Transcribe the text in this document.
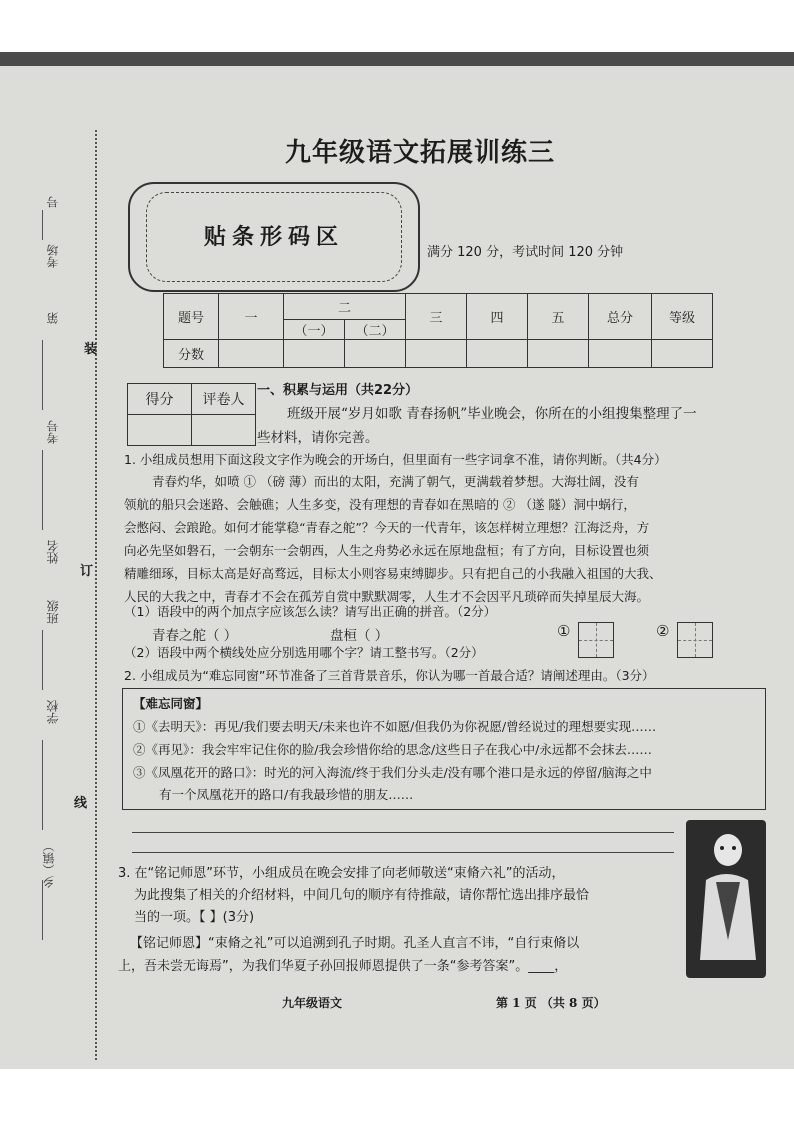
号
考场
第
考号
姓名
班级
学校
乡（镇）
装
订
线
九年级语文拓展训练三
贴条形码区
满分 120 分，考试时间 120 分钟
题号	一	二		三	四	五	总分	等级
		（一）	（二）					
分数								
得分	评卷人

一、积累与运用（共22分）
班级开展“岁月如歌 青春扬帆”毕业晚会，你所在的小组搜集整理了一
些材料，请你完善。
1. 小组成员想用下面这段文字作为晚会的开场白，但里面有一些字词拿不准，请你判断。（共4分）
青春灼华，如喷 ① （磅 薄）而出的太阳，充满了朝气，更满载着梦想。大海壮阔，没有
领航的船只会迷路、会触礁；人生多变，没有理想的青春如在黑暗的 ② （遂 隧）洞中蜗行，
会憋闷、会踉跄。如何才能掌稳“青春之舵”？今天的一代青年，该怎样树立理想？江海泛舟，方
向必先坚如磐石，一会朝东一会朝西，人生之舟势必永远在原地盘桓；有了方向，目标设置也须
精雕细琢，目标太高是好高骛远，目标太小则容易束缚脚步。只有把自己的小我融入祖国的大我、
人民的大我之中，青春才不会在孤芳自赏中默默凋零，人生才不会因平凡琐碎而失掉星辰大海。
（1）语段中的两个加点字应该怎么读？请写出正确的拼音。（2分）
青春之舵（ ）	盘桓（ ）	①	②
（2）语段中两个横线处应分别选用哪个字？请工整书写。（2分）
2. 小组成员为“难忘同窗”环节准备了三首背景音乐，你认为哪一首最合适？请阐述理由。（3分）
【难忘同窗】
①《去明天》：再见/我们要去明天/未来也许不如愿/但我仍为你祝愿/曾经说过的理想要实现……
②《再见》：我会牢牢记住你的脸/我会珍惜你给的思念/这些日子在我心中/永远都不会抹去……
③《凤凰花开的路口》：时光的河入海流/终于我们分头走/没有哪个港口是永远的停留/脑海之中
有一个凤凰花开的路口/有我最珍惜的朋友……
3. 在“铭记师恩”环节，小组成员在晚会安排了向老师敬送“束脩六礼”的活动，
为此搜集了相关的介绍材料，中间几句的顺序有待推敲，请你帮忙选出排序最恰
当的一项。【 】(3分)
【铭记师恩】“束脩之礼”可以追溯到孔子时期。孔圣人直言不讳，“自行束脩以
上，吾未尝无诲焉”，为我们华夏子孙回报师恩提供了一条“参考答案”。____，
九年级语文	第 1 页 （共 8 页）
